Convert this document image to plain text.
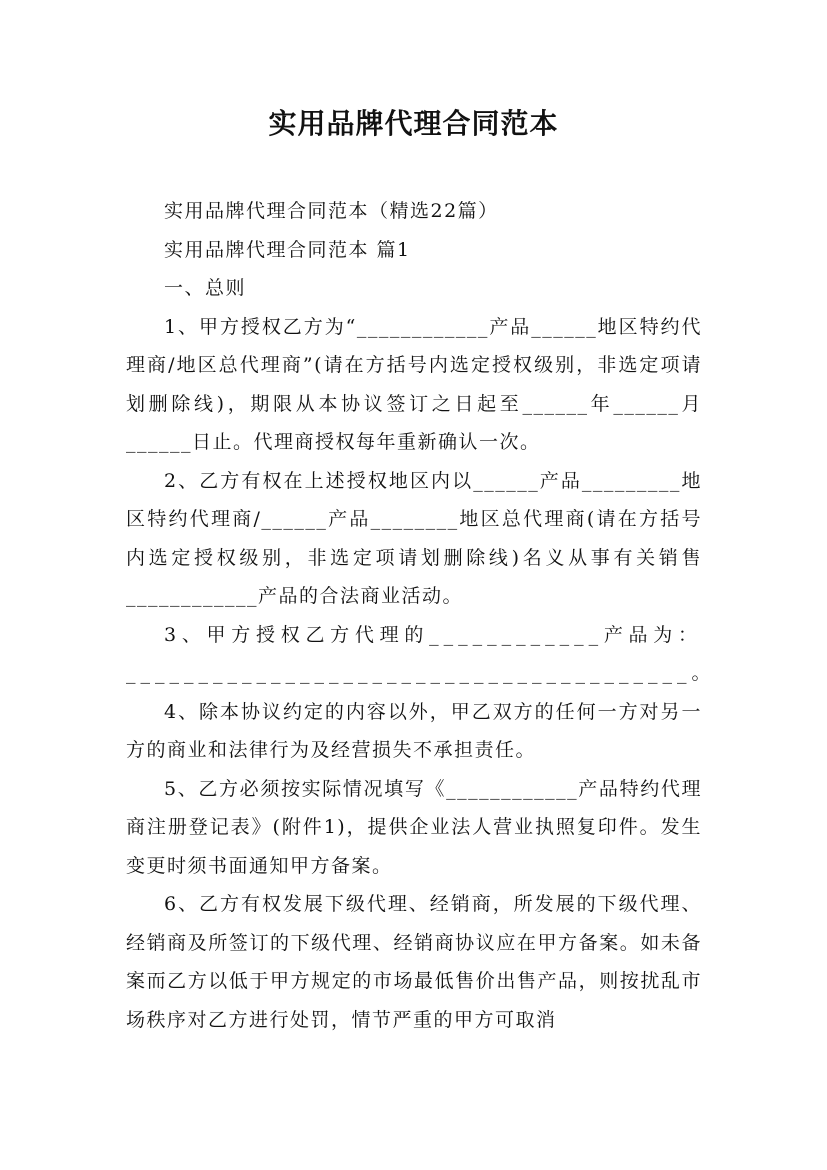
实用品牌代理合同范本

实用品牌代理合同范本（精选22篇）

实用品牌代理合同范本 篇1

一、总则

1、甲方授权乙方为“____________产品______地区特约代理商/地区总代理商”(请在方括号内选定授权级别，非选定项请划删除线)，期限从本协议签订之日起至______年______月______日止。代理商授权每年重新确认一次。

2、乙方有权在上述授权地区内以______产品_________地区特约代理商/______产品________地区总代理商(请在方括号内选定授权级别，非选定项请划删除线)名义从事有关销售____________产品的合法商业活动。

3、甲方授权乙方代理的____________产品为：_______________________________________。

4、除本协议约定的内容以外，甲乙双方的任何一方对另一方的商业和法律行为及经营损失不承担责任。

5、乙方必须按实际情况填写《____________产品特约代理商注册登记表》(附件1)，提供企业法人营业执照复印件。发生变更时须书面通知甲方备案。

6、乙方有权发展下级代理、经销商，所发展的下级代理、经销商及所签订的下级代理、经销商协议应在甲方备案。如未备案而乙方以低于甲方规定的市场最低售价出售产品，则按扰乱市场秩序对乙方进行处罚，情节严重的甲方可取消
